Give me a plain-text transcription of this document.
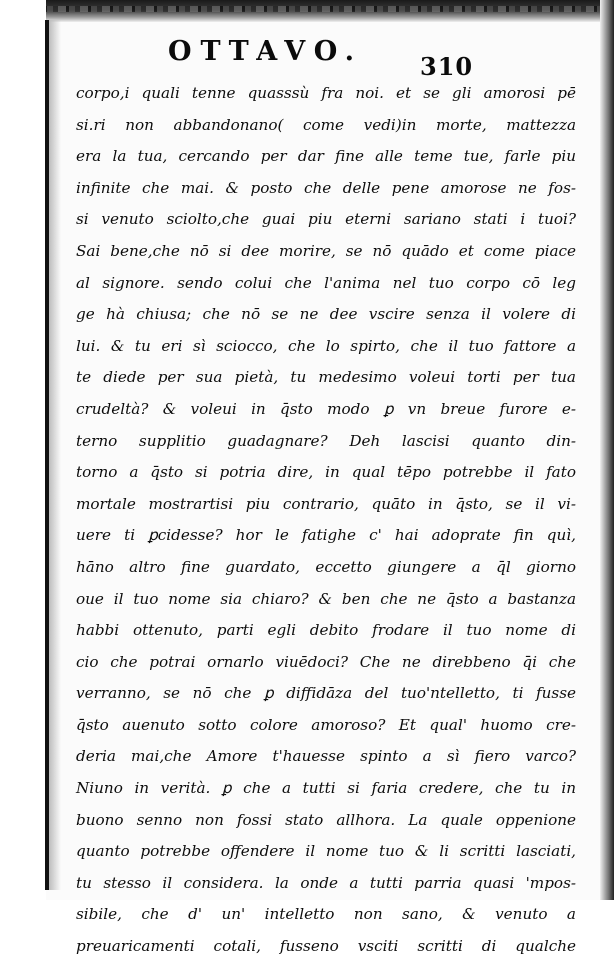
OTTAVO. 310
corpo,i quali tenne quasssù fra noi. et se gli amorosi pē
si.ri non abbandonano( come vedi)in morte, mattezza
era la tua, cercando per dar fine alle teme tue, farle piu
infinite che mai. & posto che delle pene amorose ne fos-
si venuto sciolto,che guai piu eterni sariano stati i tuoi?
Sai bene,che nō si dee morire, se nō quādo et come piace
al signore. sendo colui che l'anima nel tuo corpo cō leg
ge hà chiusa; che nō se ne dee vscire senza il volere di
lui. & tu eri sì sciocco, che lo spirto, che il tuo fattore a
te diede per sua pietà, tu medesimo voleui torti per tua
crudeltà? & voleui in q̄sto modo ꝑ vn breue furore e-
terno supplitio guadagnare? Deh lascisi quanto din-
torno a q̄sto si potria dire, in qual tēpo potrebbe il fato
mortale mostrartisi piu contrario, quāto in q̄sto, se il vi-
uere ti ꝑcidesse? hor le fatighe c' hai adoprate fin quì,
hāno altro fine guardato, eccetto giungere a q̄l giorno
oue il tuo nome sia chiaro? & ben che ne q̄sto a bastanza
habbi ottenuto, parti egli debito frodare il tuo nome di
cio che potrai ornarlo viuēdoci? Che ne direbbeno q̄i che
verranno, se nō che ꝑ diffidāza del tuo'ntelletto, ti fusse
q̄sto auenuto sotto colore amoroso? Et qual' huomo cre-
deria mai,che Amore t'hauesse spinto a sì fiero varco?
Niuno in verità. ꝑ che a tutti si faria credere, che tu in
buono senno non fossi stato allhora. La quale oppenione
quanto potrebbe offendere il nome tuo & li scritti lasciati,
tu stesso il considera. la onde a tutti parria quasi 'mpos-
sibile, che d' un' intelletto non sano, & venuto a
preuaricamenti cotali, fusseno vsciti scritti di qualche
